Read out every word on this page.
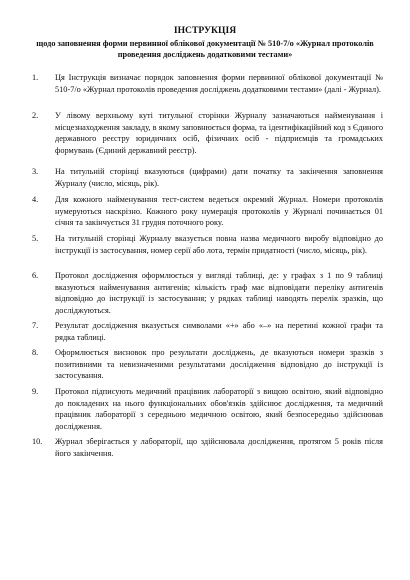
ІНСТРУКЦІЯ
щодо заповнення форми первинної облікової документації № 510-7/о «Журнал протоколів проведення досліджень додатковими тестами»
1.	Ця Інструкція визначає порядок заповнення форми первинної облікової документації № 510-7/о «Журнал протоколів проведення досліджень додатковими тестами» (далі - Журнал).
2.	У лівому верхньому куті титульної сторінки Журналу зазначаються найменування і місцезнаходження закладу, в якому заповнюється форма, та ідентифікаційний код з Єдиного державного реєстру юридичних осіб, фізичних осіб - підприємців та громадських формувань (Єдиний державний реєстр).
3.	На титульній сторінці вказуються (цифрами) дати початку та закінчення заповнення Журналу (число, місяць, рік).
4.	Для кожного найменування тест-систем ведеться окремий Журнал. Номери протоколів нумеруються наскрізно. Кожного року нумерація протоколів у Журналі починається 01 січня та закінчується 31 грудня поточного року.
5.	На титульній сторінці Журналу вказується повна назва медичного виробу відповідно до інструкції із застосування, номер серії або лота, термін придатності (число, місяць, рік).
6.	Протокол дослідження оформлюється у вигляді таблиці, де: у графах з 1 по 9 таблиці вказуються найменування антигенів; кількість граф має відповідати переліку антигенів відповідно до інструкції із застосування; у рядках таблиці наводять перелік зразків, що досліджуються.
7.	Результат дослідження вказується символами «+» або «–» на перетині кожної графи та рядка таблиці.
8.	Оформлюється висновок про результати досліджень, де вказуються номери зразків з позитивними та невизначеними результатами дослідження відповідно до інструкції із застосування.
9.	Протокол підписують медичний працівник лабораторії з вищою освітою, який відповідно до покладених на нього функціональних обов'язків здійснює дослідження, та медичний працівник лабораторії з середньою медичною освітою, який безпосередньо здійснював дослідження.
10.	Журнал зберігається у лабораторії, що здійснювала дослідження, протягом 5 років після його закінчення.
